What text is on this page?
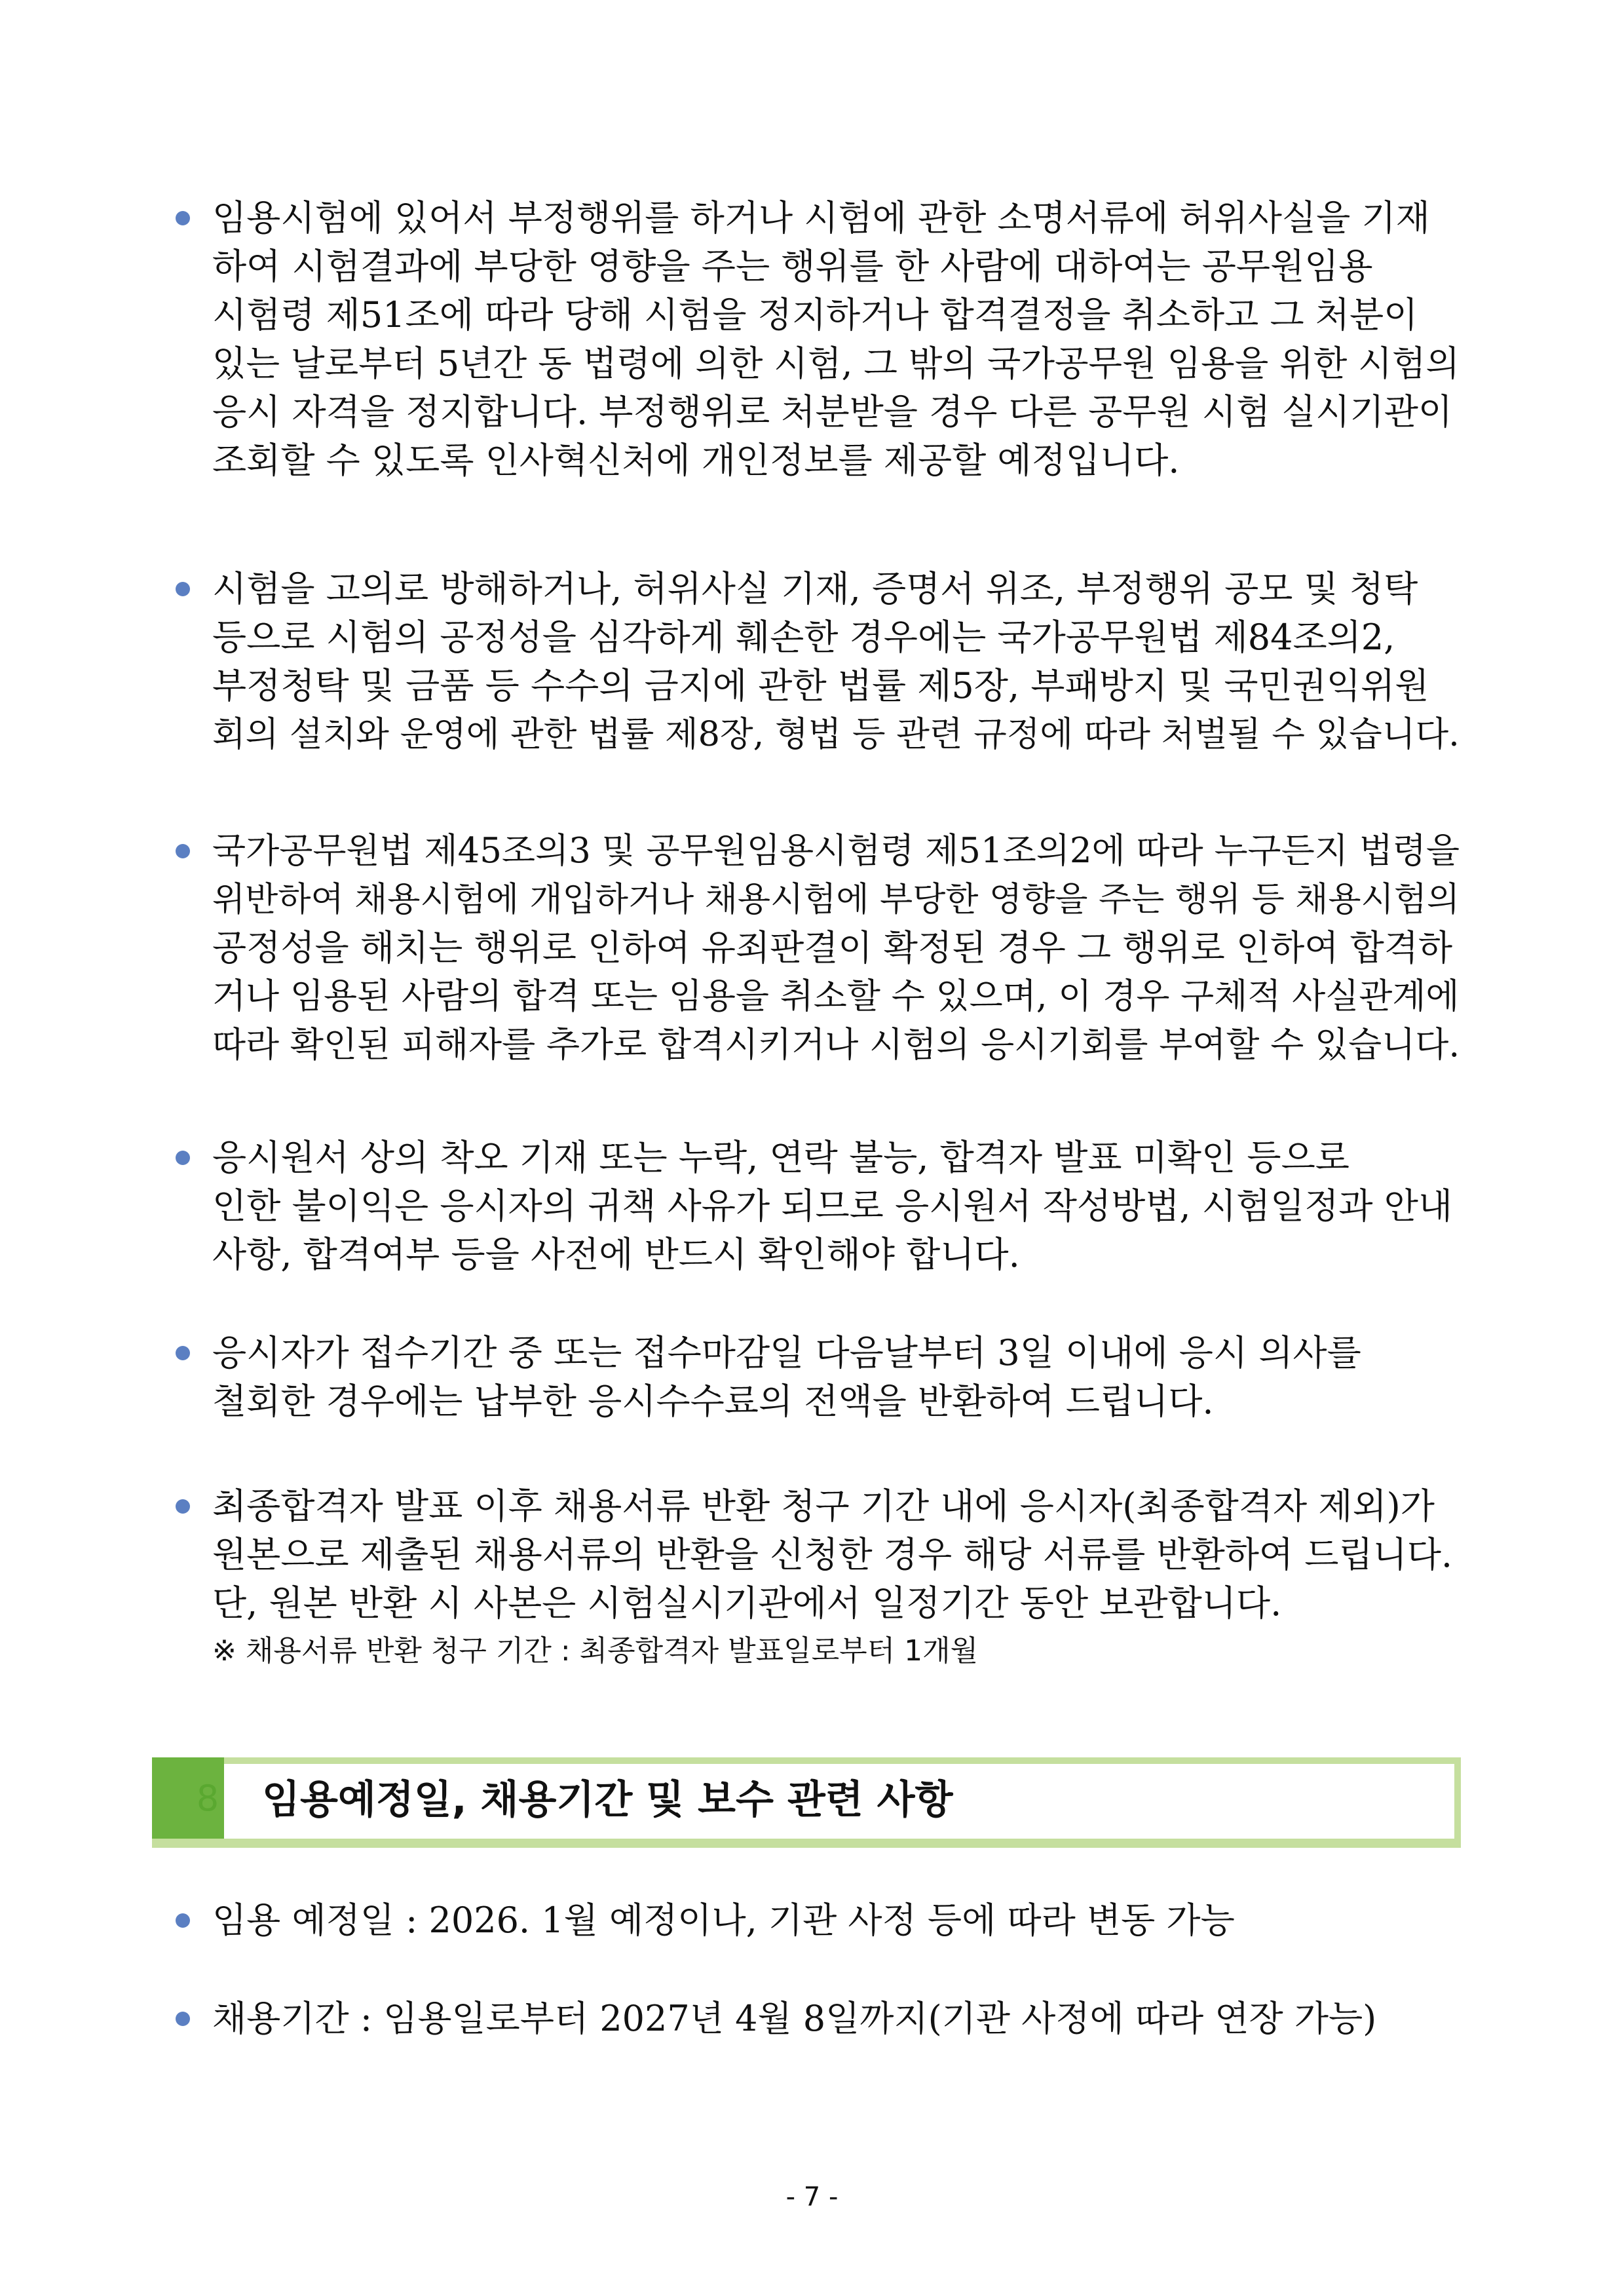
임용시험에 있어서 부정행위를 하거나 시험에 관한 소명서류에 허위사실을 기재
하여 시험결과에 부당한 영향을 주는 행위를 한 사람에 대하여는 공무원임용
시험령 제51조에 따라 당해 시험을 정지하거나 합격결정을 취소하고 그 처분이
있는 날로부터 5년간 동 법령에 의한 시험, 그 밖의 국가공무원 임용을 위한 시험의
응시 자격을 정지합니다. 부정행위로 처분받을 경우 다른 공무원 시험 실시기관이
조회할 수 있도록 인사혁신처에 개인정보를 제공할 예정입니다.
시험을 고의로 방해하거나, 허위사실 기재, 증명서 위조, 부정행위 공모 및 청탁
등으로 시험의 공정성을 심각하게 훼손한 경우에는 국가공무원법 제84조의2,
부정청탁 및 금품 등 수수의 금지에 관한 법률 제5장, 부패방지 및 국민권익위원
회의 설치와 운영에 관한 법률 제8장, 형법 등 관련 규정에 따라 처벌될 수 있습니다.
국가공무원법 제45조의3 및 공무원임용시험령 제51조의2에 따라 누구든지 법령을
위반하여 채용시험에 개입하거나 채용시험에 부당한 영향을 주는 행위 등 채용시험의
공정성을 해치는 행위로 인하여 유죄판결이 확정된 경우 그 행위로 인하여 합격하
거나 임용된 사람의 합격 또는 임용을 취소할 수 있으며, 이 경우 구체적 사실관계에
따라 확인된 피해자를 추가로 합격시키거나 시험의 응시기회를 부여할 수 있습니다.
응시원서 상의 착오 기재 또는 누락, 연락 불능, 합격자 발표 미확인 등으로
인한 불이익은 응시자의 귀책 사유가 되므로 응시원서 작성방법, 시험일정과 안내
사항, 합격여부 등을 사전에 반드시 확인해야 합니다.
응시자가 접수기간 중 또는 접수마감일 다음날부터 3일 이내에 응시 의사를
철회한 경우에는 납부한 응시수수료의 전액을 반환하여 드립니다.
최종합격자 발표 이후 채용서류 반환 청구 기간 내에 응시자(최종합격자 제외)가
원본으로 제출된 채용서류의 반환을 신청한 경우 해당 서류를 반환하여 드립니다.
단, 원본 반환 시 사본은 시험실시기관에서 일정기간 동안 보관합니다.
※ 채용서류 반환 청구 기간 : 최종합격자 발표일로부터 1개월
8 임용예정일, 채용기간 및 보수 관련 사항
임용 예정일 : 2026. 1월 예정이나, 기관 사정 등에 따라 변동 가능
채용기간 : 임용일로부터 2027년 4월 8일까지(기관 사정에 따라 연장 가능)
- 7 -
